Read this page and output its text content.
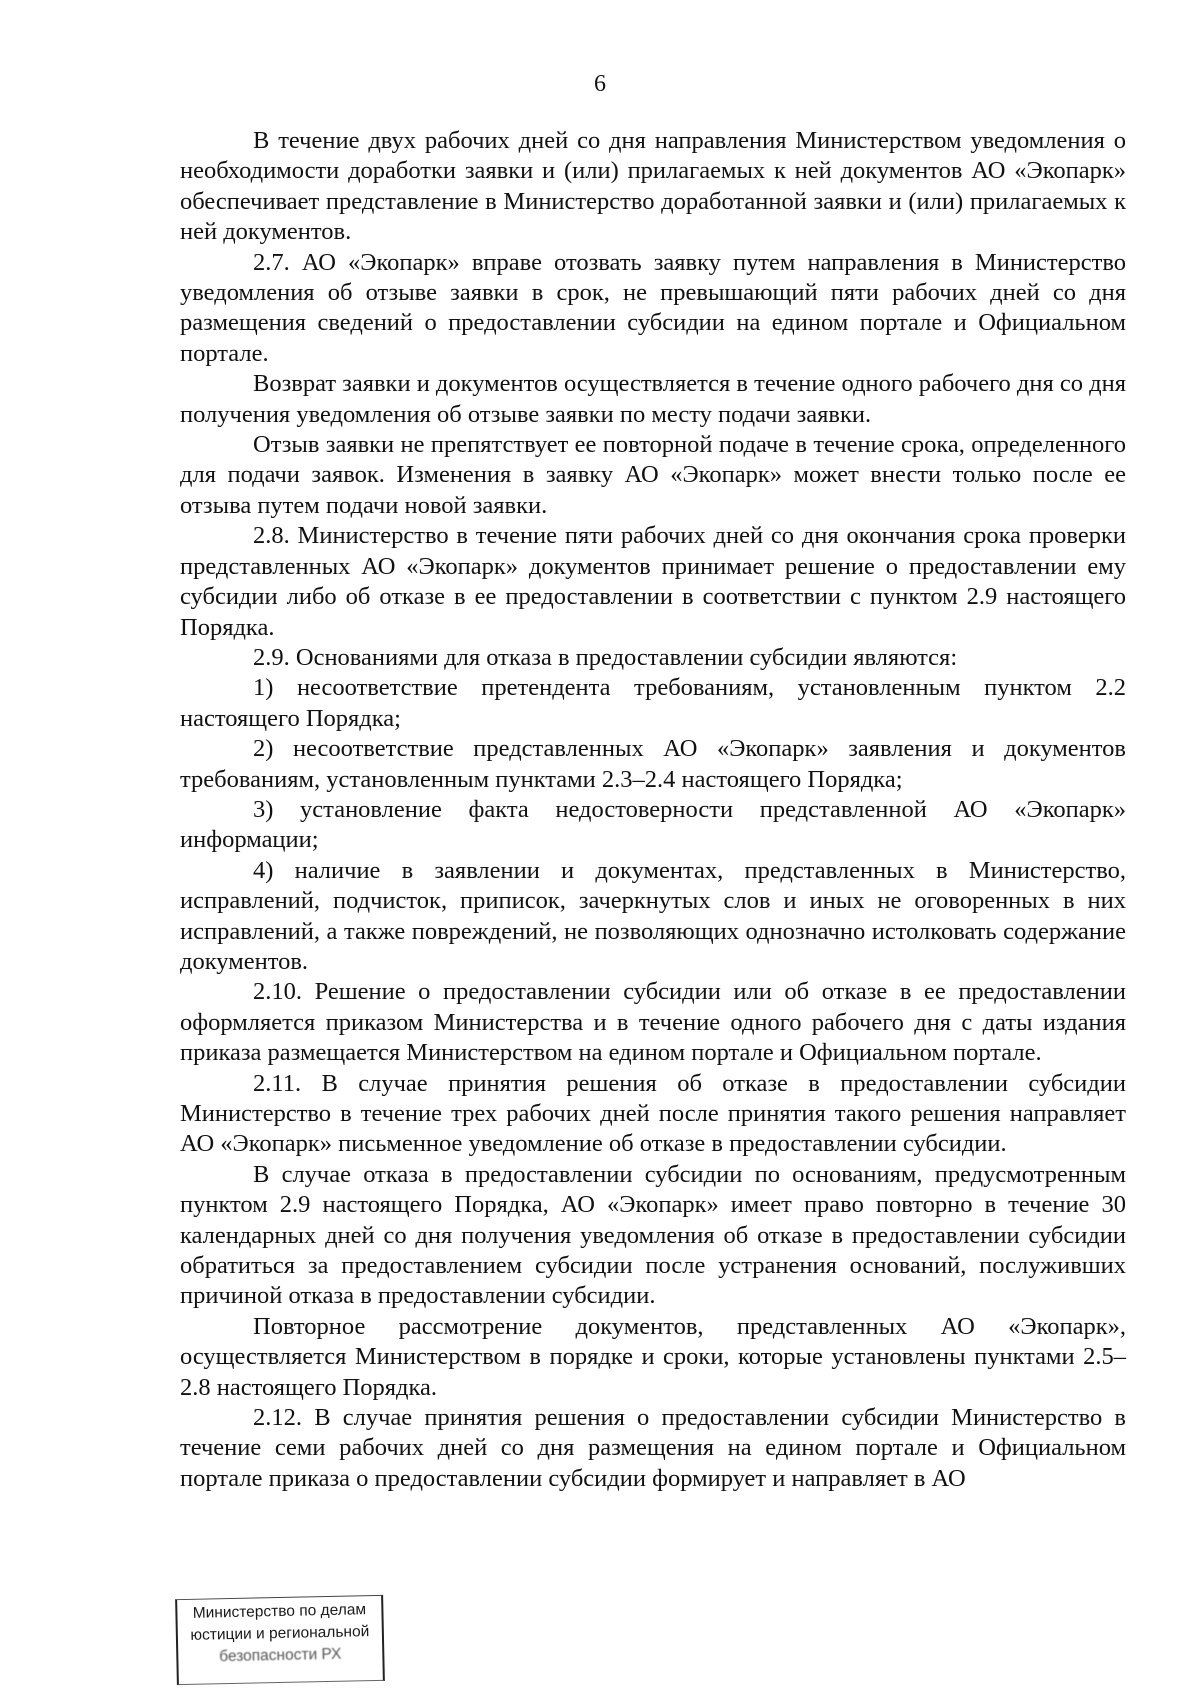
6

В течение двух рабочих дней со дня направления Министерством уведомления о необходимости доработки заявки и (или) прилагаемых к ней документов АО «Экопарк» обеспечивает представление в Министерство доработанной заявки и (или) прилагаемых к ней документов.

2.7. АО «Экопарк» вправе отозвать заявку путем направления в Министерство уведомления об отзыве заявки в срок, не превышающий пяти рабочих дней со дня размещения сведений о предоставлении субсидии на едином портале и Официальном портале.

Возврат заявки и документов осуществляется в течение одного рабочего дня со дня получения уведомления об отзыве заявки по месту подачи заявки.

Отзыв заявки не препятствует ее повторной подаче в течение срока, определенного для подачи заявок. Изменения в заявку АО «Экопарк» может внести только после ее отзыва путем подачи новой заявки.

2.8. Министерство в течение пяти рабочих дней со дня окончания срока проверки представленных АО «Экопарк» документов принимает решение о предоставлении ему субсидии либо об отказе в ее предоставлении в соответствии с пунктом 2.9 настоящего Порядка.

2.9. Основаниями для отказа в предоставлении субсидии являются:

1) несоответствие претендента требованиям, установленным пунктом 2.2 настоящего Порядка;

2) несоответствие представленных АО «Экопарк» заявления и документов требованиям, установленным пунктами 2.3–2.4 настоящего Порядка;

3) установление факта недостоверности представленной АО «Экопарк» информации;

4) наличие в заявлении и документах, представленных в Министерство, исправлений, подчисток, приписок, зачеркнутых слов и иных не оговоренных в них исправлений, а также повреждений, не позволяющих однозначно истолковать содержание документов.

2.10. Решение о предоставлении субсидии или об отказе в ее предоставлении оформляется приказом Министерства и в течение одного рабочего дня с даты издания приказа размещается Министерством на едином портале и Официальном портале.

2.11. В случае принятия решения об отказе в предоставлении субсидии Министерство в течение трех рабочих дней после принятия такого решения направляет АО «Экопарк» письменное уведомление об отказе в предоставлении субсидии.

В случае отказа в предоставлении субсидии по основаниям, предусмотренным пунктом 2.9 настоящего Порядка, АО «Экопарк» имеет право повторно в течение 30 календарных дней со дня получения уведомления об отказе в предоставлении субсидии обратиться за предоставлением субсидии после устранения оснований, послуживших причиной отказа в предоставлении субсидии.

Повторное рассмотрение документов, представленных АО «Экопарк», осуществляется Министерством в порядке и сроки, которые установлены пунктами 2.5–2.8 настоящего Порядка.

2.12. В случае принятия решения о предоставлении субсидии Министерство в течение семи рабочих дней со дня размещения на едином портале и Официальном портале приказа о предоставлении субсидии формирует и направляет в АО

Министерство по делам
юстиции и региональной
безопасности РХ
